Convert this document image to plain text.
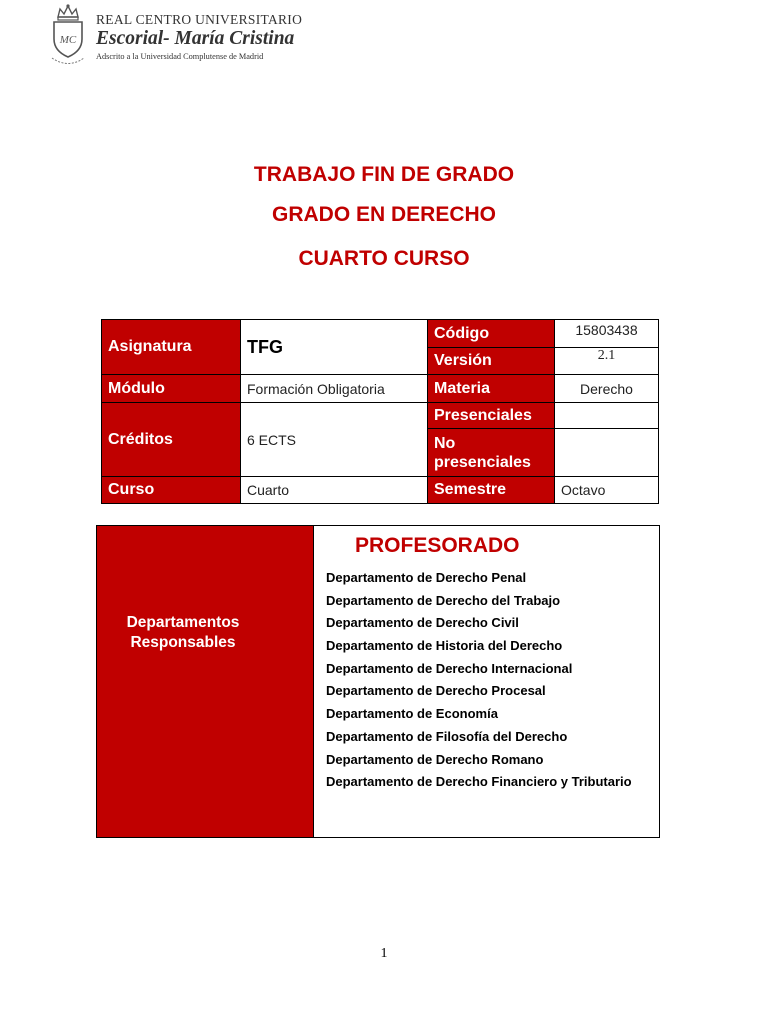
MC
REAL CENTRO UNIVERSITARIO
Escorial- María Cristina
Adscrito a la Universidad Complutense de Madrid
TRABAJO FIN DE GRADO
GRADO EN DERECHO
CUARTO CURSO
Asignatura	TFG	Código	15803438
		Versión	2.1
Módulo	Formación Obligatoria	Materia	Derecho
Créditos	6 ECTS	Presenciales	
		No presenciales	
Curso	Cuarto	Semestre	Octavo
Departamentos Responsables
PROFESORADO
Departamento de Derecho Penal
Departamento de Derecho del Trabajo
Departamento de Derecho Civil
Departamento de Historia del Derecho
Departamento de Derecho Internacional
Departamento de Derecho Procesal
Departamento de Economía
Departamento de Filosofía del Derecho
Departamento de Derecho Romano
Departamento de Derecho Financiero y Tributario
1
